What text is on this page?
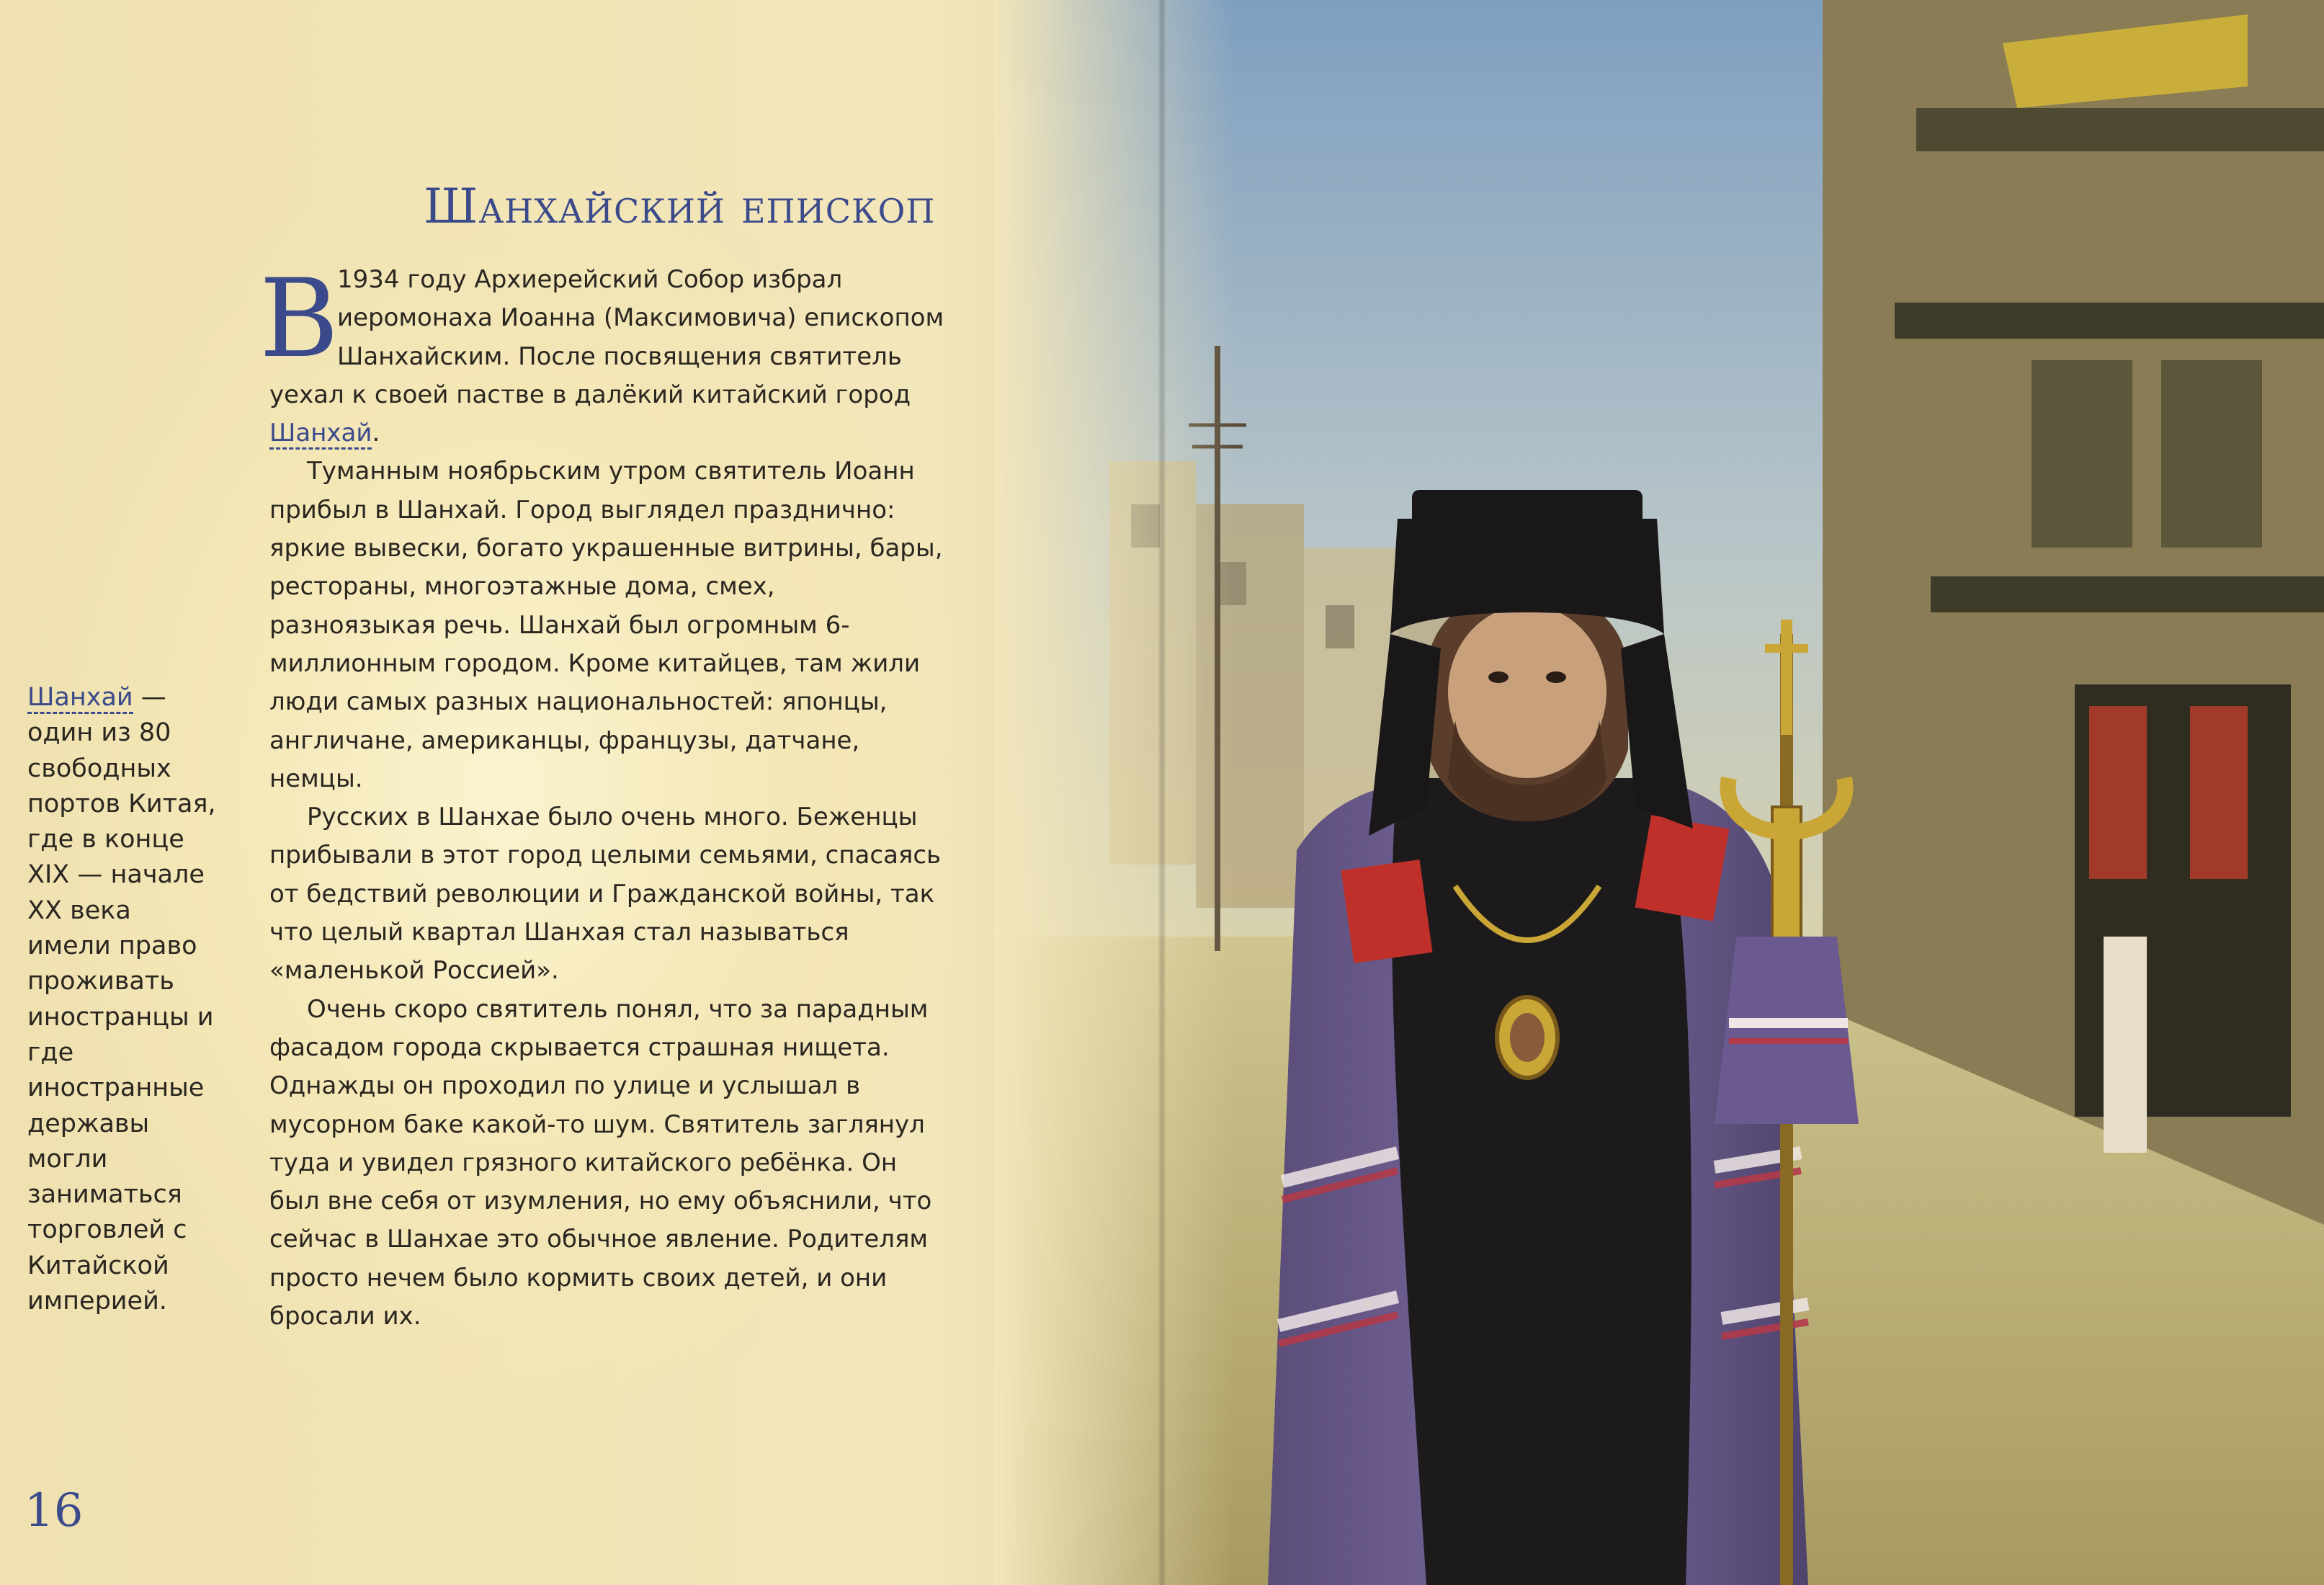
Шанхайский епископ
В

1934 году Архиерейский Собор избрал
иеромонаха Иоанна (Максимовича) епископом
Шанхайским. После посвящения святитель
уехал к своей пастве в далёкий китайский город Шанхай.

Туманным ноябрьским утром святитель Иоанн прибыл в Шанхай. Город выглядел празднично: яркие вывески, богато украшенные витрины, бары, рестораны, многоэтажные дома, смех, разноязыкая речь. Шанхай был огромным 6-миллионным городом. Кроме китайцев, там жили люди самых разных национальностей: японцы, англичане, американцы, французы, датчане, немцы.

Русских в Шанхае было очень много. Беженцы прибывали в этот город целыми семьями, спасаясь от бедствий революции и Гражданской войны, так что целый квартал Шанхая стал называться «маленькой Россией».

Очень скоро святитель понял, что за парадным фасадом города скрывается страшная нищета. Однажды он проходил по улице и услышал в мусорном баке какой-то шум. Святитель заглянул туда и увидел грязного китайского ребёнка. Он был вне себя от изумления, но ему объяснили, что сейчас в Шанхае это обычное явление. Родителям просто нечем было кормить своих детей, и они бросали их.

Шанхай — один из 80 свободных портов Китая, где в конце XIX — начале XX века имели право проживать иностранцы и где иностранные державы могли заниматься торговлей с Китайской империей.
16
